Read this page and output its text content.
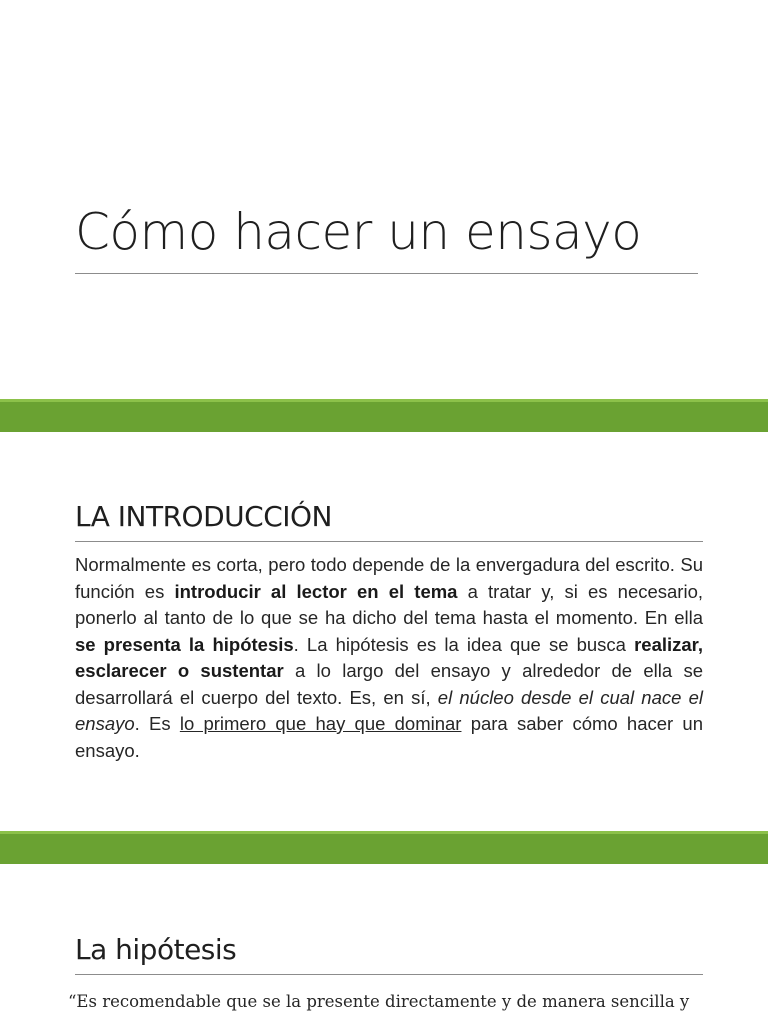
Cómo hacer un ensayo
LA INTRODUCCIÓN

Normalmente es corta, pero todo depende de la envergadura del escrito. Su función es introducir al lector en el tema a tratar y, si es necesario, ponerlo al tanto de lo que se ha dicho del tema hasta el momento. En ella se presenta la hipótesis. La hipótesis es la idea que se busca realizar, esclarecer o sustentar a lo largo del ensayo y alrededor de ella se desarrollará el cuerpo del texto. Es, en sí, el núcleo desde el cual nace el ensayo. Es lo primero que hay que dominar para saber cómo hacer un ensayo.

La hipótesis

“Es recomendable que se la presente directamente y de manera sencilla y
